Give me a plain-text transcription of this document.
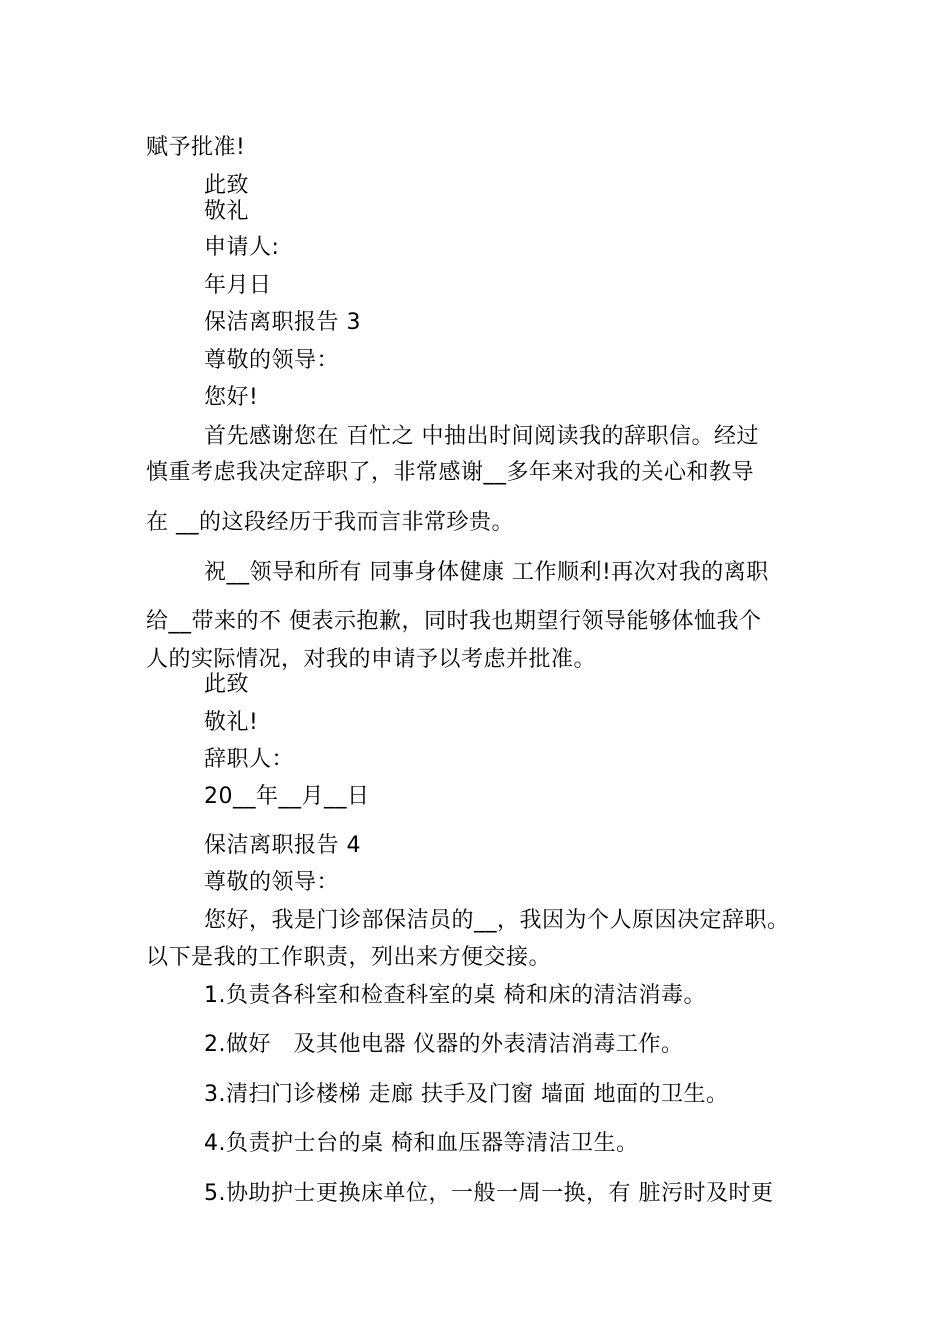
赋予批准!
此致
敬礼
申请人:
年月日
保洁离职报告 3
尊敬的领导：
您好!
首先感谢您在 百忙之 中抽出时间阅读我的辞职信。经过
慎重考虑我决定辞职了，非常感谢__多年来对我的关心和教导
在 __的这段经历于我而言非常珍贵。
祝__领导和所有 同事身体健康 工作顺利!再次对我的离职
给__带来的不 便表示抱歉，同时我也期望行领导能够体恤我个
人的实际情况，对我的申请予以考虑并批准。
此致
敬礼!
辞职人：
20__年__月__日
保洁离职报告 4
尊敬的领导：
您好，我是门诊部保洁员的__，我因为个人原因决定辞职。
以下是我的工作职责，列出来方便交接。
1.负责各科室和检查科室的桌 椅和床的清洁消毒。
2.做好　及其他电器 仪器的外表清洁消毒工作。
3.清扫门诊楼梯 走廊 扶手及门窗 墙面 地面的卫生。
4.负责护士台的桌 椅和血压器等清洁卫生。
5.协助护士更换床单位，一般一周一换，有 脏污时及时更
